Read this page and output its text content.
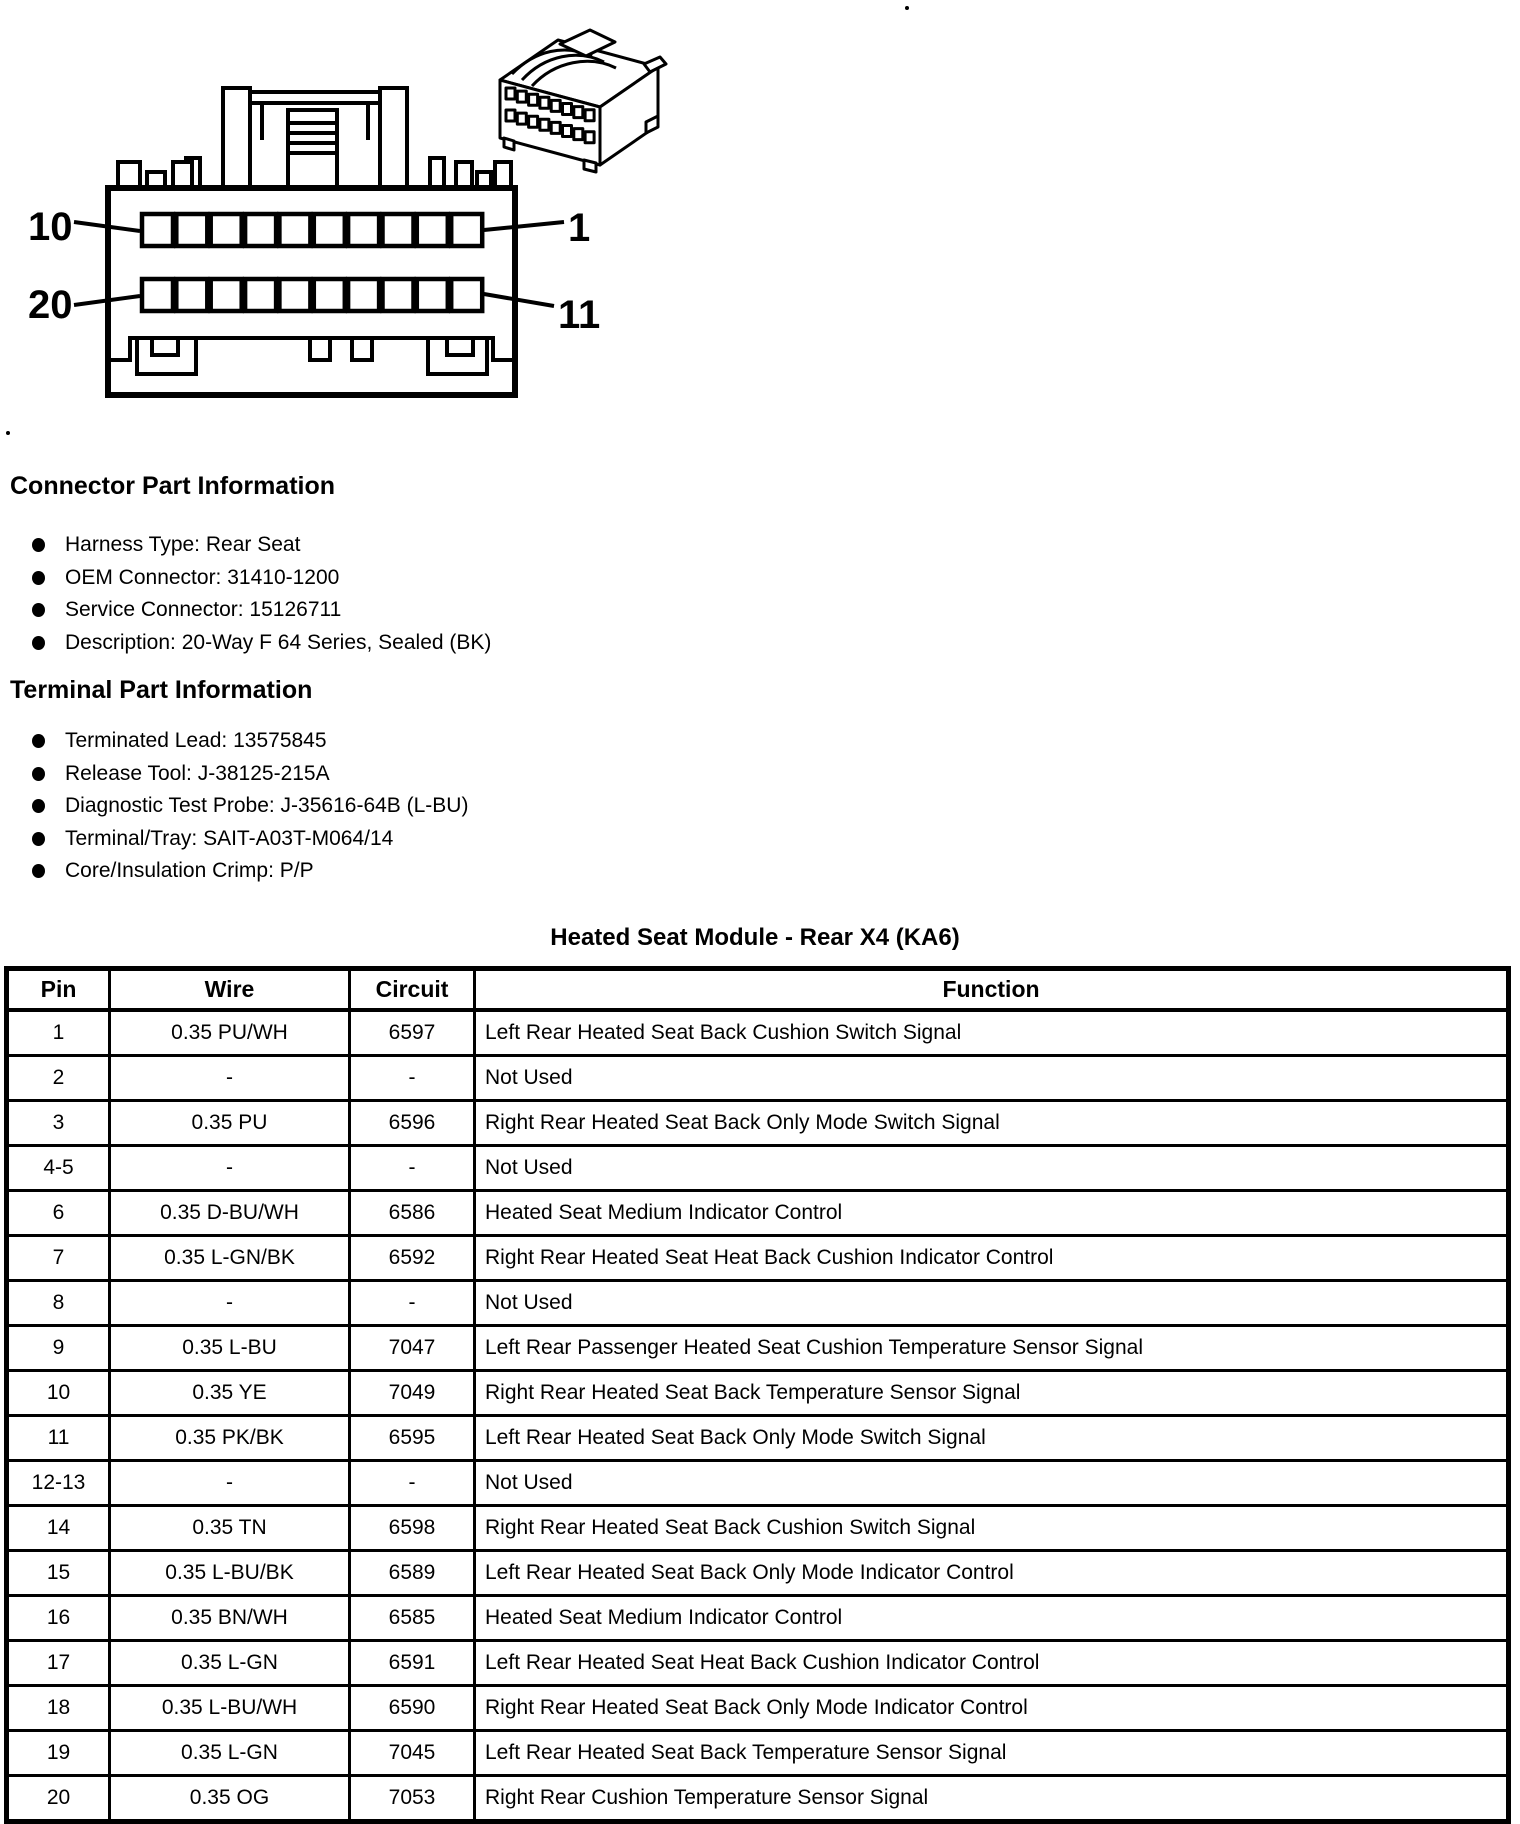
10	1
20	11
Connector Part Information
Harness Type: Rear Seat
OEM Connector: 31410-1200
Service Connector: 15126711
Description: 20-Way F 64 Series, Sealed (BK)
Terminal Part Information
Terminated Lead: 13575845
Release Tool: J-38125-215A
Diagnostic Test Probe: J-35616-64B (L-BU)
Terminal/Tray: SAIT-A03T-M064/14
Core/Insulation Crimp: P/P
Heated Seat Module - Rear X4 (KA6)
Pin	Wire	Circuit	Function
1	0.35 PU/WH	6597	Left Rear Heated Seat Back Cushion Switch Signal
2	-	-	Not Used
3	0.35 PU	6596	Right Rear Heated Seat Back Only Mode Switch Signal
4-5	-	-	Not Used
6	0.35 D-BU/WH	6586	Heated Seat Medium Indicator Control
7	0.35 L-GN/BK	6592	Right Rear Heated Seat Heat Back Cushion Indicator Control
8	-	-	Not Used
9	0.35 L-BU	7047	Left Rear Passenger Heated Seat Cushion Temperature Sensor Signal
10	0.35 YE	7049	Right Rear Heated Seat Back Temperature Sensor Signal
11	0.35 PK/BK	6595	Left Rear Heated Seat Back Only Mode Switch Signal
12-13	-	-	Not Used
14	0.35 TN	6598	Right Rear Heated Seat Back Cushion Switch Signal
15	0.35 L-BU/BK	6589	Left Rear Heated Seat Back Only Mode Indicator Control
16	0.35 BN/WH	6585	Heated Seat Medium Indicator Control
17	0.35 L-GN	6591	Left Rear Heated Seat Heat Back Cushion Indicator Control
18	0.35 L-BU/WH	6590	Right Rear Heated Seat Back Only Mode Indicator Control
19	0.35 L-GN	7045	Left Rear Heated Seat Back Temperature Sensor Signal
20	0.35 OG	7053	Right Rear Cushion Temperature Sensor Signal
